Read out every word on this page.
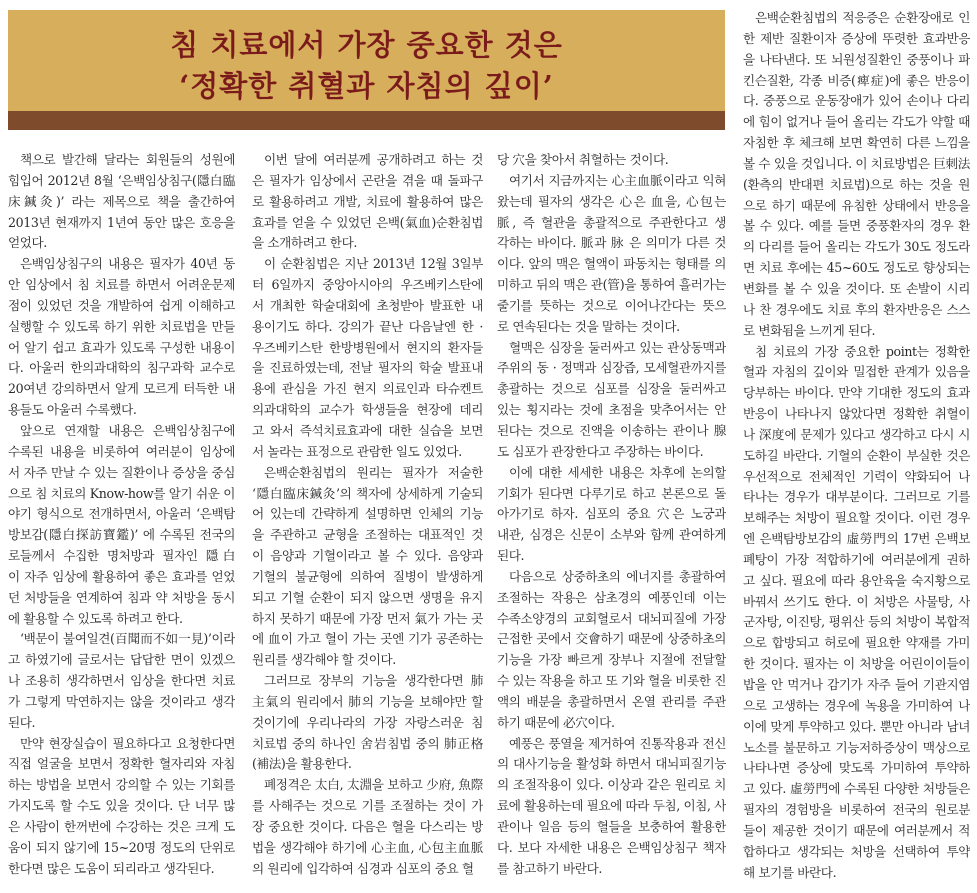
침 치료에서 가장 중요한 것은
‘정확한 취혈과 자침의 깊이’
책으로 발간해 달라는 회원들의 성원에
힘입어 2012년 8월 ‘은백임상침구(隱白臨
床鍼灸)’ 라는 제목으로 책을 출간하여
2013년 현재까지 1년여 동안 많은 호응을
얻었다.
은백임상침구의 내용은 필자가 40년 동
안 임상에서 침 치료를 하면서 어려운문제
점이 있었던 것을 개발하여 쉽게 이해하고
실행할 수 있도록 하기 위한 치료법을 만들
어 알기 쉽고 효과가 있도록 구성한 내용이
다. 아울러 한의과대학의 침구과학 교수로
20여년 강의하면서 알게 모르게 터득한 내
용들도 아울러 수록했다.
앞으로 연재할 내용은 은백임상침구에
수록된 내용을 비롯하여 여러분이 임상에
서 자주 만날 수 있는 질환이나 증상을 중심
으로 침 치료의 Know-how를 알기 쉬운 이
야기 형식으로 전개하면서, 아울러 ‘은백탐
방보감(隱白探訪寶鑑)’ 에 수록된 전국의
로들께서 수집한 명처방과 필자인 隱白
이 자주 임상에 활용하여 좋은 효과를 얻었
던 처방들을 연계하여 침과 약 처방을 동시
에 활용할 수 있도록 하려고 한다.
‘백문이 불여일견(百聞而不如一見)’이라
고 하였기에 글로서는 답답한 면이 있겠으
나 조용히 생각하면서 임상을 한다면 치료
가 그렇게 막연하지는 않을 것이라고 생각
된다.
만약 현장실습이 필요하다고 요청한다면
직접 얼굴을 보면서 정확한 혈자리와 자침
하는 방법을 보면서 강의할 수 있는 기회를
가지도록 할 수도 있을 것이다. 단 너무 많
은 사람이 한꺼번에 수강하는 것은 크게 도
움이 되지 않기에 15~20명 정도의 단위로
한다면 많은 도움이 되리라고 생각된다.
이번 달에 여러분께 공개하려고 하는 것
은 필자가 임상에서 곤란을 겪을 때 돌파구
로 활용하려고 개발, 치료에 활용하여 많은
효과를 얻을 수 있었던 은백(氣血)순환침법
을 소개하려고 한다.
이 순환침법은 지난 2013년 12월 3일부
터 6일까지 중앙아시아의 우즈베키스탄에
서 개최한 학술대회에 초청받아 발표한 내
용이기도 하다. 강의가 끝난 다음날엔 한 ·
우즈베키스탄 한방병원에서 현지의 환자들
을 진료하였는데, 전날 필자의 학술 발표내
용에 관심을 가진 현지 의료인과 타슈켄트
의과대학의 교수가 학생들을 현장에 데리
고 와서 즉석치료효과에 대한 실습을 보면
서 놀라는 표정으로 관람한 일도 있었다.
은백순환침법의 원리는 필자가 저술한
‘隱白臨床鍼灸’의 책자에 상세하게 기술되
어 있는데 간략하게 설명하면 인체의 기능
을 주관하고 균형을 조절하는 대표적인 것
이 음양과 기혈이라고 볼 수 있다. 음양과
기혈의 불균형에 의하여 질병이 발생하게
되고 기혈 순환이 되지 않으면 생명을 유지
하지 못하기 때문에 가장 먼저 氣가 가는 곳
에 血이 가고 혈이 가는 곳엔 기가 공존하는
원리를 생각해야 할 것이다.
그러므로 장부의 기능을 생각한다면 肺
主氣의 원리에서 肺의 기능을 보해야만 할
것이기에 우리나라의 가장 자랑스러운 침
치료법 중의 하나인 舍岩침법 중의 肺正格
(補法)을 활용한다.
폐정격은 太白, 太淵을 보하고 少府, 魚際
를 사해주는 것으로 기를 조절하는 것이 가
장 중요한 것이다. 다음은 혈을 다스리는 방
법을 생각해야 하기에 心主血, 心包主血脈
의 원리에 입각하여 심경과 심포의 중요 혈
당 穴을 찾아서 취혈하는 것이다.
여기서 지금까지는 心主血脈이라고 익혀
왔는데 필자의 생각은 心은 血을, 心包는
脈, 즉 혈관을 총괄적으로 주관한다고 생
각하는 바이다. 脈과 脉 은 의미가 다른 것
이다. 앞의 맥은 혈액이 파동치는 형태를 의
미하고 뒤의 맥은 관(管)을 통하여 흘러가는
줄기를 뜻하는 것으로 이어나간다는 뜻으
로 연속된다는 것을 말하는 것이다.
혈맥은 심장을 둘러싸고 있는 관상동맥과
주위의 동 · 정맥과 심장즙, 모세혈관까지를
총괄하는 것으로 심포를 심장을 둘러싸고
있는 횡지라는 것에 초점을 맞추어서는 안
된다는 것으로 진액을 이송하는 관이나 腺
도 심포가 관장한다고 주장하는 바이다.
이에 대한 세세한 내용은 차후에 논의할
기회가 된다면 다루기로 하고 본론으로 돌
아가기로 하자. 심포의 중요 穴은 노궁과
내관, 심경은 신문이 소부와 함께 관여하게
된다.
다음으로 상중하초의 에너지를 총괄하여
조절하는 작용은 삼초경의 예풍인데 이는
수족소양경의 교회혈로서 대뇌피질에 가장
근접한 곳에서 交會하기 때문에 상중하초의
기능을 가장 빠르게 장부나 지절에 전달할
수 있는 작용을 하고 또 기와 혈을 비롯한 진
액의 배분을 총괄하면서 온열 관리를 주관
하기 때문에 必穴이다.
예풍은 풍열을 제거하여 진통작용과 전신
의 대사기능을 활성화 하면서 대뇌피질기능
의 조절작용이 있다. 이상과 같은 원리로 치
료에 활용하는데 필요에 따라 두침, 이침, 사
관이나 일음 등의 혈들을 보충하여 활용한
다. 보다 자세한 내용은 은백임상침구 책자
를 참고하기 바란다.
은백순환침법의 적응증은 순환장애로 인
한 제반 질환이자 증상에 뚜렷한 효과반응
을 나타낸다. 또 뇌원성질환인 중풍이나 파
킨슨질환, 각종 비증(痺症)에 좋은 반응이
다. 중풍으로 운동장애가 있어 손이나 다리
에 힘이 없거나 들어 올리는 각도가 약할 때
자침한 후 체크해 보면 확연히 다른 느낌을
볼 수 있을 것입니다. 이 치료방법은 巨刺法
(환측의 반대편 치료법)으로 하는 것을 원
으로 하기 때문에 유침한 상태에서 반응을
볼 수 있다. 예를 들면 중풍환자의 경우 환
의 다리를 들어 올리는 각도가 30도 정도라
면 치료 후에는 45~60도 정도로 향상되는
변화를 볼 수 있을 것이다. 또 손발이 시리
나 찬 경우에도 치료 후의 환자반응은 스스
로 변화됨을 느끼게 된다.
침 치료의 가장 중요한 point는 정확한
혈과 자침의 깊이와 밀접한 관계가 있음을
당부하는 바이다. 만약 기대한 정도의 효과
반응이 나타나지 않았다면 정확한 취혈이
나 深度에 문제가 있다고 생각하고 다시 시
도하길 바란다. 기혈의 순환이 부실한 것은
우선적으로 전체적인 기력이 약화되어 나
타나는 경우가 대부분이다. 그러므로 기를
보해주는 처방이 필요할 것이다. 이런 경우
엔 은백탐방보감의 虛勞門의 17번 은백보
폐탕이 가장 적합하기에 여러분에게 권하
고 싶다. 필요에 따라 용안육을 숙지황으로
바꿔서 쓰기도 한다. 이 처방은 사물탕, 사
군자탕, 이진탕, 평위산 등의 처방이 복합적
으로 합방되고 허로에 필요한 약재를 가미
한 것이다. 필자는 이 처방을 어린이이들이
밥을 안 먹거나 감기가 자주 들어 기관지염
으로 고생하는 경우에 녹용을 가미하여 나
이에 맞게 투약하고 있다. 뿐만 아니라 남녀
노소를 불문하고 기능저하증상이 맥상으로
나타나면 증상에 맞도록 가미하여 투약하
고 있다. 虛勞門에 수록된 다양한 처방들은
필자의 경험방을 비롯하여 전국의 원로분
들이 제공한 것이기 때문에 여러분께서 적
합하다고 생각되는 처방을 선택하여 투약
해 보기를 바란다.
